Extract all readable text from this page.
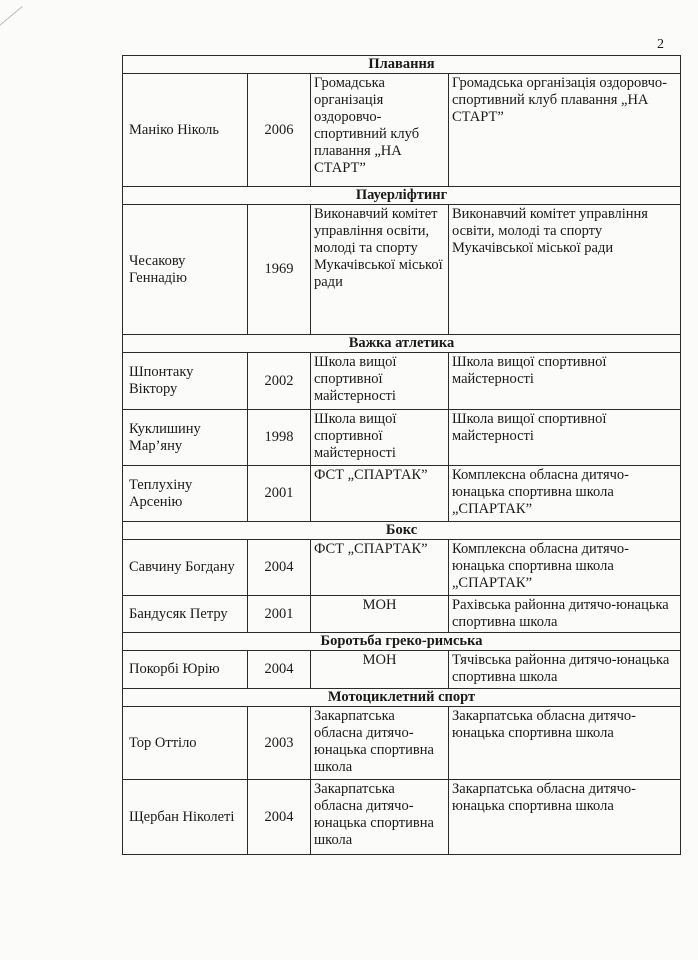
2
Плавання			
Маніко Ніколь	2006	Громадська організація оздоровчо-спортивний клуб плавання „НА СТАРТ”	Громадська організація оздоровчо-спортивний клуб плавання „НА СТАРТ”
Пауерліфтинг			
Чесакову Геннадію	1969	Виконавчий комітет управління освіти, молоді та спорту Мукачівської міської ради	Виконавчий комітет управління освіти, молоді та спорту Мукачівської міської ради
Важка атлетика			
Шпонтаку Віктору	2002	Школа вищої спортивної майстерності	Школа вищої спортивної майстерності
Куклишину Мар’яну	1998	Школа вищої спортивної майстерності	Школа вищої спортивної майстерності
Теплухіну Арсенію	2001	ФСТ „СПАРТАК”	Комплексна обласна дитячо-юнацька спортивна школа „СПАРТАК”
Бокс			
Савчину Богдану	2004	ФСТ „СПАРТАК”	Комплексна обласна дитячо-юнацька спортивна школа „СПАРТАК”
Бандусяк Петру	2001	МОН	Рахівська районна дитячо-юнацька спортивна школа
Боротьба греко-римська			
Покорбі Юрію	2004	МОН	Тячівська районна дитячо-юнацька спортивна школа
Мотоциклетний спорт			
Тор Оттіло	2003	Закарпатська обласна дитячо-юнацька спортивна школа	Закарпатська обласна дитячо-юнацька спортивна школа
Щербан Ніколеті	2004	Закарпатська обласна дитячо-юнацька спортивна школа	Закарпатська обласна дитячо-юнацька спортивна школа
